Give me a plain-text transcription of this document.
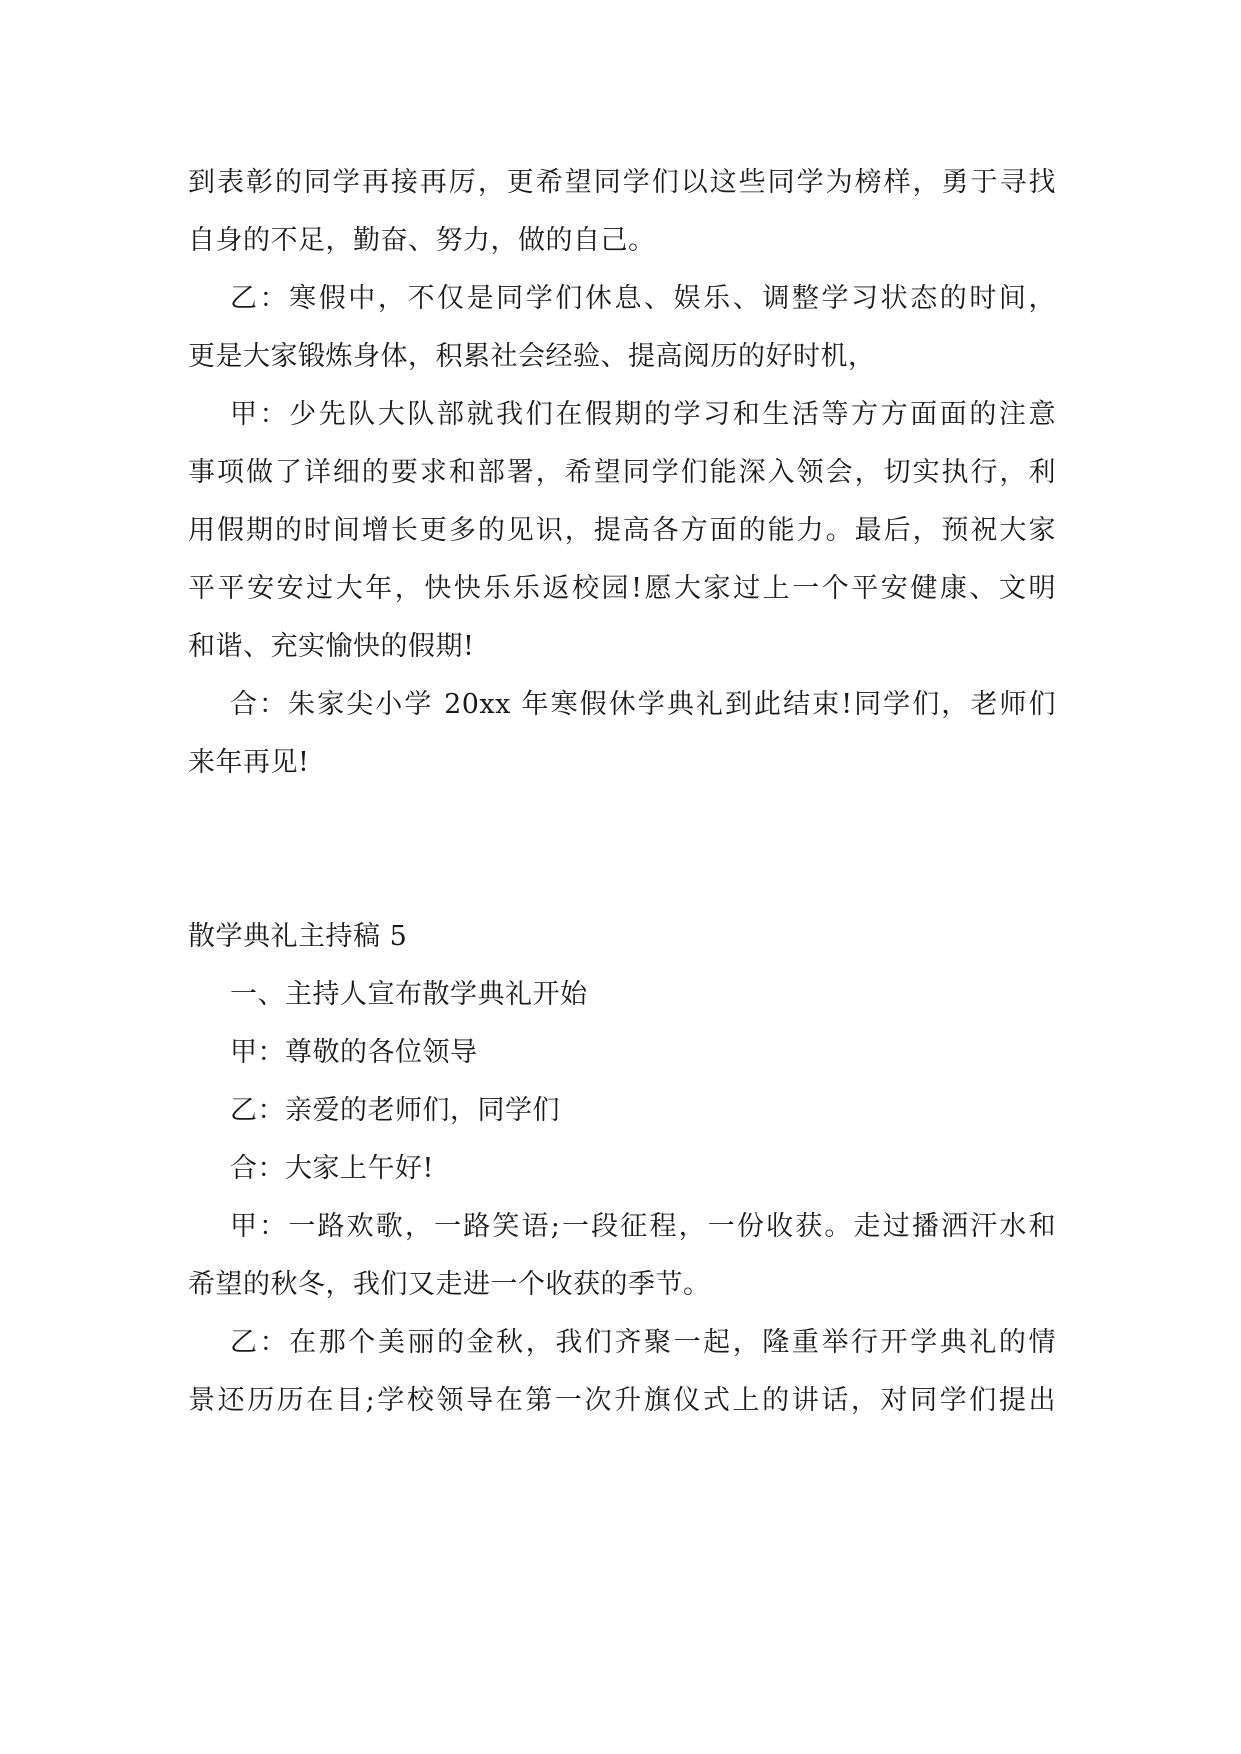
到表彰的同学再接再厉，更希望同学们以这些同学为榜样，勇于寻找
自身的不足，勤奋、努力，做的自己。
乙：寒假中，不仅是同学们休息、娱乐、调整学习状态的时间，
更是大家锻炼身体，积累社会经验、提高阅历的好时机，
甲：少先队大队部就我们在假期的学习和生活等方方面面的注意
事项做了详细的要求和部署，希望同学们能深入领会，切实执行，利
用假期的时间增长更多的见识，提高各方面的能力。最后，预祝大家
平平安安过大年，快快乐乐返校园!愿大家过上一个平安健康、文明
和谐、充实愉快的假期!
合：朱家尖小学 20xx 年寒假休学典礼到此结束!同学们，老师们
来年再见!
散学典礼主持稿 5
一、主持人宣布散学典礼开始
甲：尊敬的各位领导
乙：亲爱的老师们，同学们
合：大家上午好!
甲：一路欢歌，一路笑语;一段征程，一份收获。走过播洒汗水和
希望的秋冬，我们又走进一个收获的季节。
乙：在那个美丽的金秋，我们齐聚一起，隆重举行开学典礼的情
景还历历在目;学校领导在第一次升旗仪式上的讲话，对同学们提出
